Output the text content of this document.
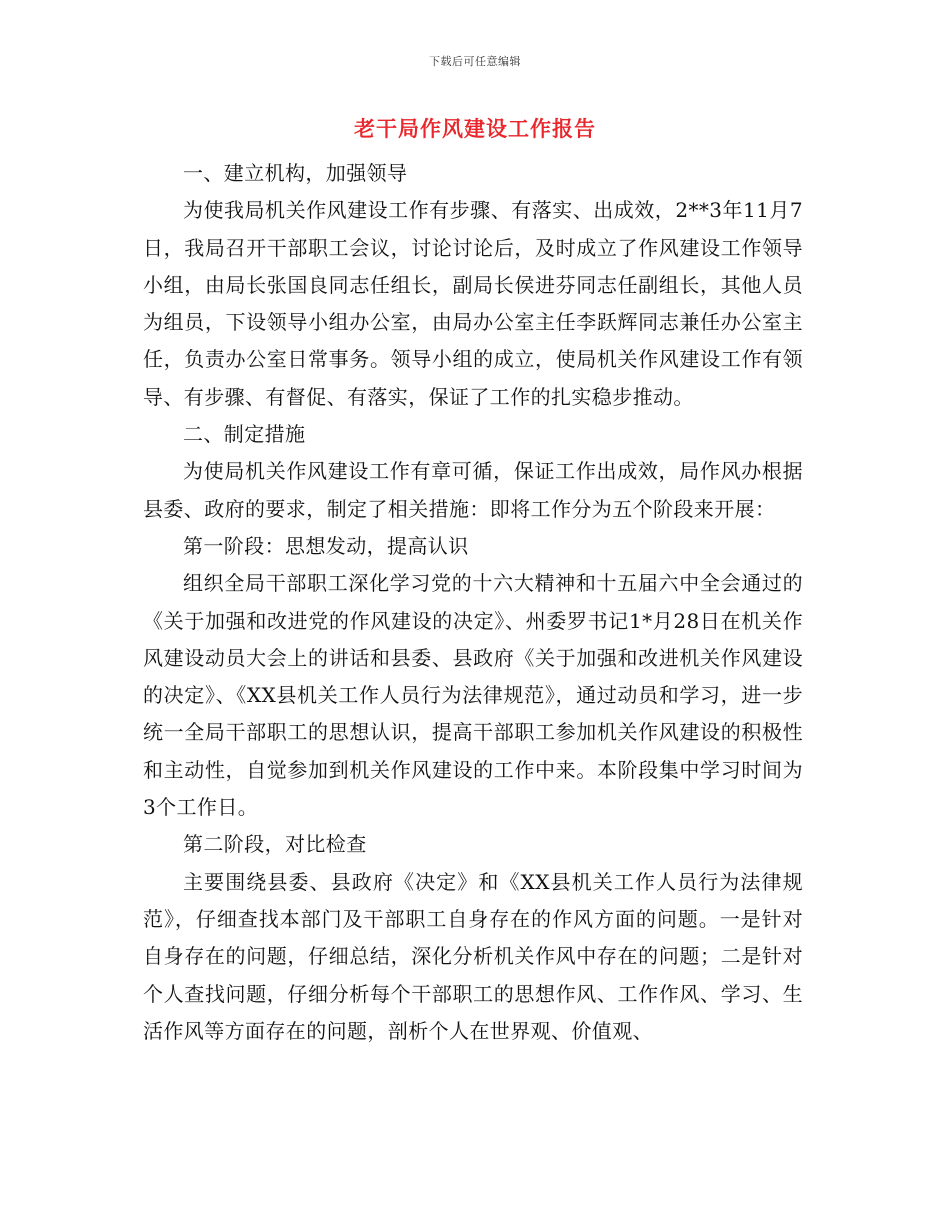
下载后可任意编辑
老干局作风建设工作报告

一、建立机构，加强领导

为使我局机关作风建设工作有步骤、有落实、出成效，2**3年11月7日，我局召开干部职工会议，讨论讨论后，及时成立了作风建设工作领导小组，由局长张国良同志任组长，副局长侯进芬同志任副组长，其他人员为组员，下设领导小组办公室，由局办公室主任李跃辉同志兼任办公室主任，负责办公室日常事务。领导小组的成立，使局机关作风建设工作有领导、有步骤、有督促、有落实，保证了工作的扎实稳步推动。

二、制定措施

为使局机关作风建设工作有章可循，保证工作出成效，局作风办根据县委、政府的要求，制定了相关措施：即将工作分为五个阶段来开展：

第一阶段：思想发动，提高认识

组织全局干部职工深化学习党的十六大精神和十五届六中全会通过的《关于加强和改进党的作风建设的决定》、州委罗书记1*月28日在机关作风建设动员大会上的讲话和县委、县政府《关于加强和改进机关作风建设的决定》、《XX县机关工作人员行为法律规范》，通过动员和学习，进一步统一全局干部职工的思想认识，提高干部职工参加机关作风建设的积极性和主动性，自觉参加到机关作风建设的工作中来。本阶段集中学习时间为3个工作日。

第二阶段，对比检查

主要围绕县委、县政府《决定》和《XX县机关工作人员行为法律规范》，仔细查找本部门及干部职工自身存在的作风方面的问题。一是针对自身存在的问题，仔细总结，深化分析机关作风中存在的问题；二是针对个人查找问题，仔细分析每个干部职工的思想作风、工作作风、学习、生活作风等方面存在的问题，剖析个人在世界观、价值观、
